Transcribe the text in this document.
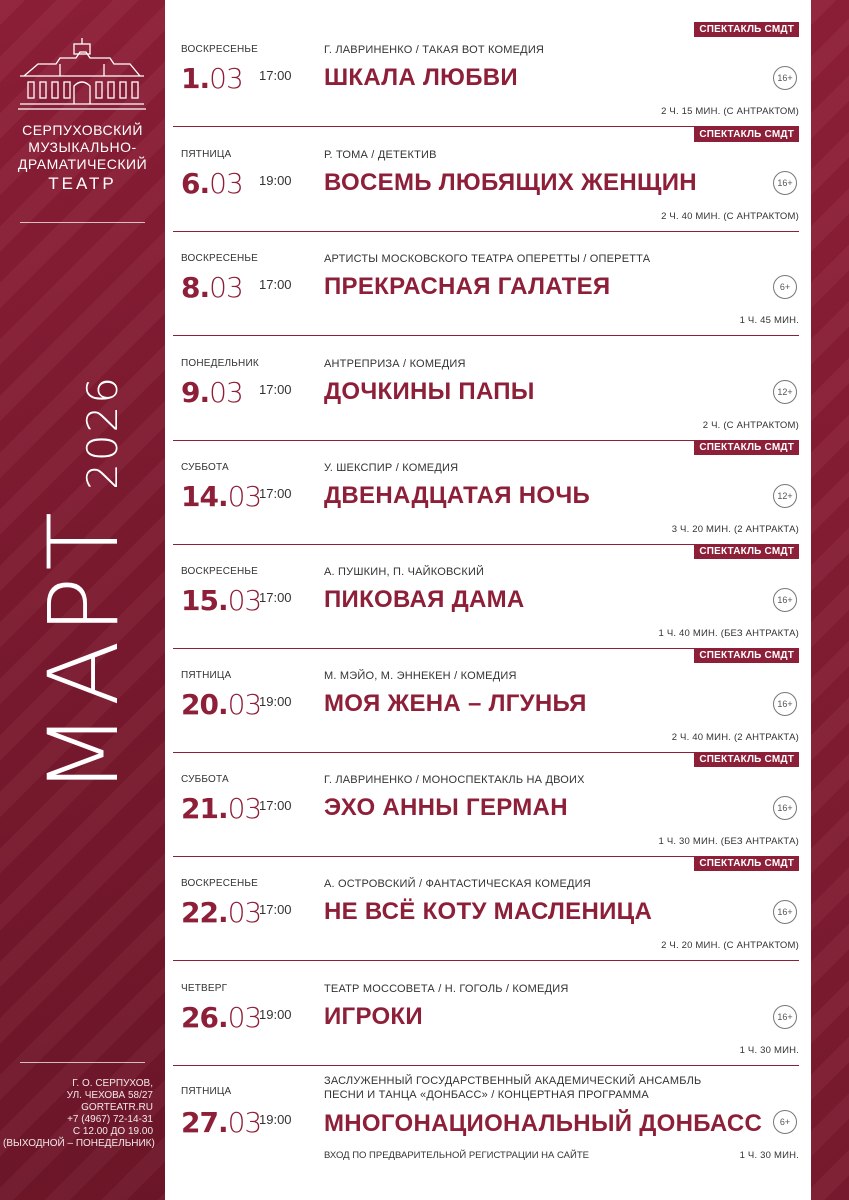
СЕРПУХОВСКИЙ
МУЗЫКАЛЬНО-
ДРАМАТИЧЕСКИЙ
ТЕАТР
МАРТ2026
Г. О. СЕРПУХОВ,
УЛ. ЧЕХОВА 58/27
GORTEATR.RU
+7 (4967) 72-14-31
С 12.00 ДО 19.00
(ВЫХОДНОЙ – ПОНЕДЕЛЬНИК)
СПЕКТАКЛЬ СМДТ
ВОСКРЕСЕНЬЕ
1.03 17:00
Г. ЛАВРИНЕНКО / ТАКАЯ ВОТ КОМЕДИЯ
ШКАЛА ЛЮБВИ	16+
2 Ч. 15 МИН. (С АНТРАКТОМ)
СПЕКТАКЛЬ СМДТ
ПЯТНИЦА
6.03 19:00
Р. ТОМА / ДЕТЕКТИВ
ВОСЕМЬ ЛЮБЯЩИХ ЖЕНЩИН	16+
2 Ч. 40 МИН. (С АНТРАКТОМ)
ВОСКРЕСЕНЬЕ
8.03 17:00
АРТИСТЫ МОСКОВСКОГО ТЕАТРА ОПЕРЕТТЫ / ОПЕРЕТТА
ПРЕКРАСНАЯ ГАЛАТЕЯ	6+
1 Ч. 45 МИН.
ПОНЕДЕЛЬНИК
9.03 17:00
АНТРЕПРИЗА / КОМЕДИЯ
ДОЧКИНЫ ПАПЫ	12+
2 Ч. (С АНТРАКТОМ)
СПЕКТАКЛЬ СМДТ
СУББОТА
14.03
17:00
У. ШЕКСПИР / КОМЕДИЯ
ДВЕНАДЦАТАЯ НОЧЬ	12+
3 Ч. 20 МИН. (2 АНТРАКТА)
СПЕКТАКЛЬ СМДТ
ВОСКРЕСЕНЬЕ
15.03
17:00
А. ПУШКИН, П. ЧАЙКОВСКИЙ
ПИКОВАЯ ДАМА	16+
1 Ч. 40 МИН. (БЕЗ АНТРАКТА)
СПЕКТАКЛЬ СМДТ
ПЯТНИЦА
20.03
19:00
М. МЭЙО, М. ЭННЕКЕН / КОМЕДИЯ
МОЯ ЖЕНА – ЛГУНЬЯ	16+
2 Ч. 40 МИН. (2 АНТРАКТА)
СПЕКТАКЛЬ СМДТ
СУББОТА
21.03
17:00
Г. ЛАВРИНЕНКО / МОНОСПЕКТАКЛЬ НА ДВОИХ
ЭХО АННЫ ГЕРМАН	16+
1 Ч. 30 МИН. (БЕЗ АНТРАКТА)
СПЕКТАКЛЬ СМДТ
ВОСКРЕСЕНЬЕ
22.03
17:00
А. ОСТРОВСКИЙ / ФАНТАСТИЧЕСКАЯ КОМЕДИЯ
НЕ ВСЁ КОТУ МАСЛЕНИЦА	16+
2 Ч. 20 МИН. (С АНТРАКТОМ)
ЧЕТВЕРГ
26.03
19:00
ТЕАТР МОССОВЕТА / Н. ГОГОЛЬ / КОМЕДИЯ
ИГРОКИ	16+
1 Ч. 30 МИН.
ПЯТНИЦА
27.03
19:00
ЗАСЛУЖЕННЫЙ ГОСУДАРСТВЕННЫЙ АКАДЕМИЧЕСКИЙ АНСАМБЛЬ ПЕСНИ И ТАНЦА «ДОНБАСС» / КОНЦЕРТНАЯ ПРОГРАММА
МНОГОНАЦИОНАЛЬНЫЙ ДОНБАСС	6+
1 Ч. 30 МИН.
ВХОД ПО ПРЕДВАРИТЕЛЬНОЙ РЕГИСТРАЦИИ НА САЙТЕ
